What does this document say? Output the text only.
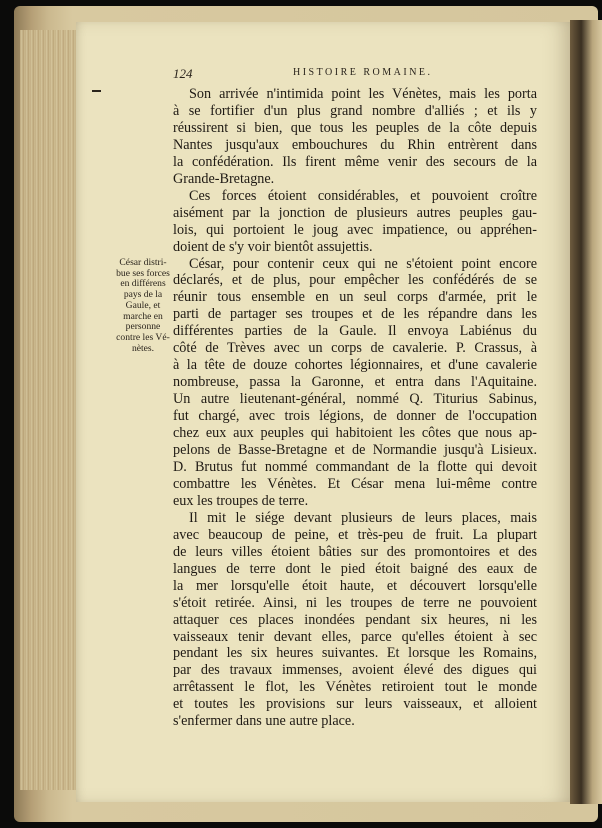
124	HISTOIRE ROMAINE.
César distri-
bue ses forces
en différens
pays de la
Gaule, et
marche en
personne
contre les Vé-
nètes.

Son arrivée n'intimida point les Vénètes, mais les porta
à se fortifier d'un plus grand nombre d'alliés ; et ils y
réussirent si bien, que tous les peuples de la côte depuis
Nantes jusqu'aux embouchures du Rhin entrèrent dans
la confédération. Ils firent même venir des secours de la
Grande-Bretagne.

Ces forces étoient considérables, et pouvoient croître
aisément par la jonction de plusieurs autres peuples gau-
lois, qui portoient le joug avec impatience, ou appréhen-
doient de s'y voir bientôt assujettis.

César, pour contenir ceux qui ne s'étoient point encore
déclarés, et de plus, pour empêcher les confédérés de se
réunir tous ensemble en un seul corps d'armée, prit le
parti de partager ses troupes et de les répandre dans les
différentes parties de la Gaule. Il envoya Labiénus du
côté de Trèves avec un corps de cavalerie. P. Crassus, à
à la tête de douze cohortes légionnaires, et d'une cavalerie
nombreuse, passa la Garonne, et entra dans l'Aquitaine.
Un autre lieutenant-général, nommé Q. Titurius Sabinus,
fut chargé, avec trois légions, de donner de l'occupation
chez eux aux peuples qui habitoient les côtes que nous ap-
pelons de Basse-Bretagne et de Normandie jusqu'à Lisieux.
D. Brutus fut nommé commandant de la flotte qui devoit
combattre les Vénètes. Et César mena lui-même contre
eux les troupes de terre.

Il mit le siége devant plusieurs de leurs places, mais
avec beaucoup de peine, et très-peu de fruit. La plupart
de leurs villes étoient bâties sur des promontoires et des
langues de terre dont le pied étoit baigné des eaux de
la mer lorsqu'elle étoit haute, et découvert lorsqu'elle
s'étoit retirée. Ainsi, ni les troupes de terre ne pouvoient
attaquer ces places inondées pendant six heures, ni les
vaisseaux tenir devant elles, parce qu'elles étoient à sec
pendant les six heures suivantes. Et lorsque les Romains,
par des travaux immenses, avoient élevé des digues qui
arrêtassent le flot, les Vénètes retiroient tout le monde
et toutes les provisions sur leurs vaisseaux, et alloient
s'enfermer dans une autre place.
